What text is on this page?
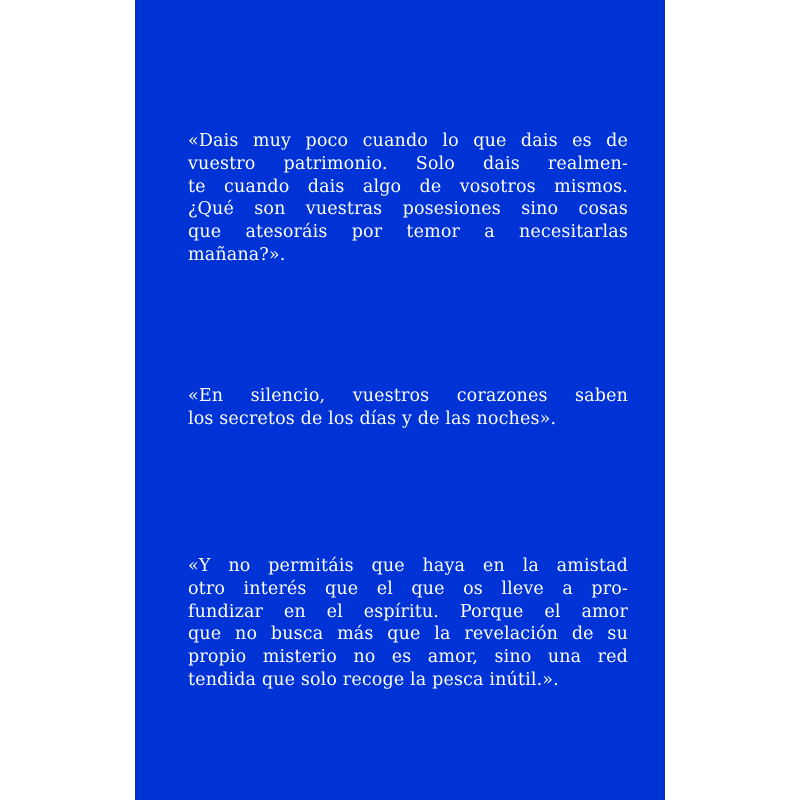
«Dais muy poco cuando lo que dais es de
vuestro patrimonio. Solo dais realmen-
te cuando dais algo de vosotros mismos.
¿Qué son vuestras posesiones sino cosas
que atesoráis por temor a necesitarlas
mañana?».

«En silencio, vuestros corazones saben
los secretos de los días y de las noches».

«Y no permitáis que haya en la amistad
otro interés que el que os lleve a pro-
fundizar en el espíritu. Porque el amor
que no busca más que la revelación de su
propio misterio no es amor, sino una red
tendida que solo recoge la pesca inútil.».
